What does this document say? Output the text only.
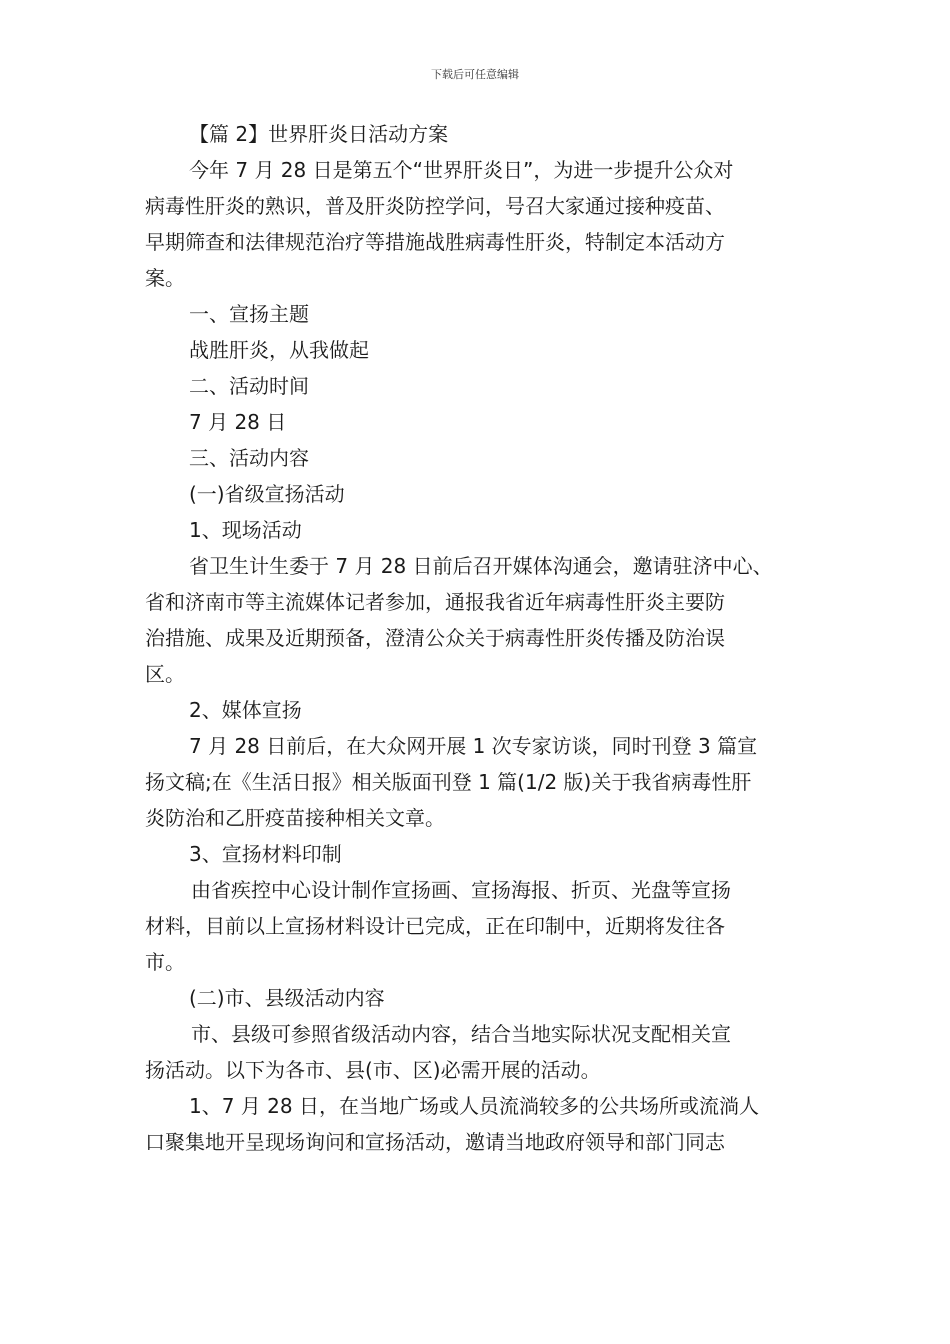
下载后可任意编辑
【篇 2】世界肝炎日活动方案
今年 7 月 28 日是第五个“世界肝炎日”，为进一步提升公众对
病毒性肝炎的熟识，普及肝炎防控学问，号召大家通过接种疫苗、
早期筛查和法律规范治疗等措施战胜病毒性肝炎，特制定本活动方
案。
一、宣扬主题
战胜肝炎，从我做起
二、活动时间
7 月 28 日
三、活动内容
(一)省级宣扬活动
1、现场活动
省卫生计生委于 7 月 28 日前后召开媒体沟通会，邀请驻济中心、
省和济南市等主流媒体记者参加，通报我省近年病毒性肝炎主要防
治措施、成果及近期预备，澄清公众关于病毒性肝炎传播及防治误
区。
2、媒体宣扬
7 月 28 日前后，在大众网开展 1 次专家访谈，同时刊登 3 篇宣
扬文稿;在《生活日报》相关版面刊登 1 篇(1/2 版)关于我省病毒性肝
炎防治和乙肝疫苗接种相关文章。
3、宣扬材料印制
由省疾控中心设计制作宣扬画、宣扬海报、折页、光盘等宣扬
材料，目前以上宣扬材料设计已完成，正在印制中，近期将发往各
市。
(二)市、县级活动内容
市、县级可参照省级活动内容，结合当地实际状况支配相关宣
扬活动。以下为各市、县(市、区)必需开展的活动。
1、7 月 28 日，在当地广场或人员流淌较多的公共场所或流淌人
口聚集地开呈现场询问和宣扬活动，邀请当地政府领导和部门同志
